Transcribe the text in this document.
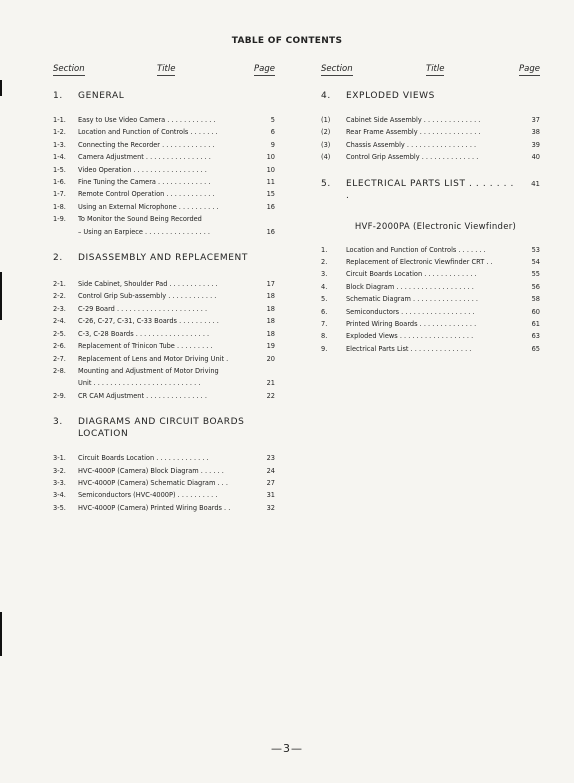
TABLE OF CONTENTS
Section	Title	Page
1.	GENERAL
1-1.	Easy to Use Video Camera . . . . . . . . . . . .	5
1-2.	Location and Function of Controls . . . . . . .	6
1-3.	Connecting the Recorder . . . . . . . . . . . . .	9
1-4.	Camera Adjustment . . . . . . . . . . . . . . . .	10
1-5.	Video Operation . . . . . . . . . . . . . . . . . .	10
1-6.	Fine Tuning the Camera . . . . . . . . . . . . .	11
1-7.	Remote Control Operation . . . . . . . . . . . .	15
1-8.	Using an External Microphone . . . . . . . . . .	16
1-9.	To Monitor the Sound Being Recorded
– Using an Earpiece . . . . . . . . . . . . . . . .	16
2.	DISASSEMBLY AND REPLACEMENT
2-1.	Side Cabinet, Shoulder Pad . . . . . . . . . . . .	17
2-2.	Control Grip Sub-assembly . . . . . . . . . . . .	18
2-3.	C-29 Board . . . . . . . . . . . . . . . . . . . . . .	18
2-4.	C-26, C-27, C-31, C-33 Boards . . . . . . . . . .	18
2-5.	C-3, C-28 Boards . . . . . . . . . . . . . . . . . .	18
2-6.	Replacement of Trinicon Tube . . . . . . . . .	19
2-7.	Replacement of Lens and Motor Driving Unit .	20
2-8.	Mounting and Adjustment of Motor Driving
Unit . . . . . . . . . . . . . . . . . . . . . . . . . .	21
2-9.	CR CAM Adjustment . . . . . . . . . . . . . . .	22
3.	DIAGRAMS AND CIRCUIT BOARDS
LOCATION
3-1.	Circuit Boards Location . . . . . . . . . . . . .	23
3-2.	HVC-4000P (Camera) Block Diagram . . . . . .	24
3-3.	HVC-4000P (Camera) Schematic Diagram . . .	27
3-4.	Semiconductors (HVC-4000P) . . . . . . . . . .	31
3-5.	HVC-4000P (Camera) Printed Wiring Boards . .	32
Section	Title	Page
4.	EXPLODED VIEWS
(1)	Cabinet Side Assembly . . . . . . . . . . . . . .	37
(2)	Rear Frame Assembly . . . . . . . . . . . . . . .	38
(3)	Chassis Assembly . . . . . . . . . . . . . . . . .	39
(4)	Control Grip Assembly . . . . . . . . . . . . . .	40
5.	ELECTRICAL PARTS LIST . . . . . . . .
41
HVF-2000PA (Electronic Viewfinder)
1.	Location and Function of Controls . . . . . . .	53
2.	Replacement of Electronic Viewfinder CRT . .	54
3.	Circuit Boards Location . . . . . . . . . . . . .	55
4.	Block Diagram . . . . . . . . . . . . . . . . . . .	56
5.	Schematic Diagram . . . . . . . . . . . . . . . .	58
6.	Semiconductors . . . . . . . . . . . . . . . . . .	60
7.	Printed Wiring Boards . . . . . . . . . . . . . .	61
8.	Exploded Views . . . . . . . . . . . . . . . . . .	63
9.	Electrical Parts List . . . . . . . . . . . . . . .	65
—3—
